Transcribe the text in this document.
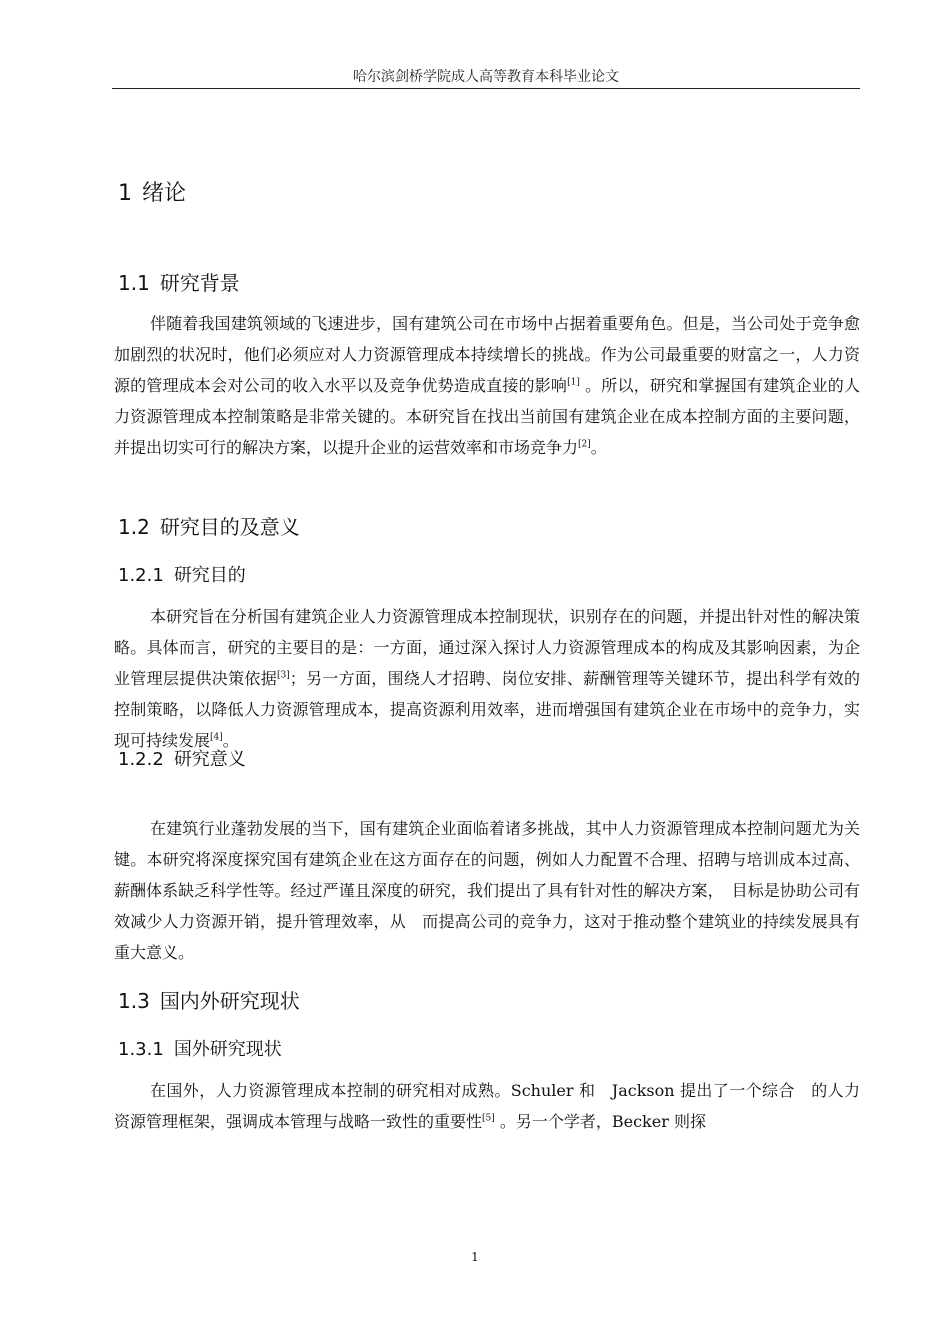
哈尔滨剑桥学院成人高等教育本科毕业论文
1 绪论
1.1 研究背景

伴随着我国建筑领域的飞速进步，国有建筑公司在市场中占据着重要角色。但是，当公司处于竞争愈加剧烈的状况时，他们必须应对人力资源管理成本持续增长的挑战。作为公司最重要的财富之一，人力资源的管理成本会对公司的收入水平以及竞争优势造成直接的影响[1] 。所以，研究和掌握国有建筑企业的人力资源管理成本控制策略是非常关键的。本研究旨在找出当前国有建筑企业在成本控制方面的主要问题，并提出切实可行的解决方案，以提升企业的运营效率和市场竞争力[2]。

1.2 研究目的及意义
1.2.1 研究目的

本研究旨在分析国有建筑企业人力资源管理成本控制现状，识别存在的问题，并提出针对性的解决策略。具体而言，研究的主要目的是：一方面，通过深入探讨人力资源管理成本的构成及其影响因素，为企业管理层提供决策依据[3]；另一方面，围绕人才招聘、岗位安排、薪酬管理等关键环节，提出科学有效的控制策略，以降低人力资源管理成本，提高资源利用效率，进而增强国有建筑企业在市场中的竞争力，实现可持续发展[4]。

1.2.2 研究意义

在建筑行业蓬勃发展的当下，国有建筑企业面临着诸多挑战，其中人力资源管理成本控制问题尤为关键。本研究将深度探究国有建筑企业在这方面存在的问题，例如人力配置不合理、招聘与培训成本过高、薪酬体系缺乏科学性等。经过严谨且深度的研究，我们提出了具有针对性的解决方案，　目标是协助公司有效减少人力资源开销，提升管理效率，从　而提高公司的竞争力，这对于推动整个建筑业的持续发展具有重大意义。

1.3 国内外研究现状
1.3.1 国外研究现状

在国外，人力资源管理成本控制的研究相对成熟。Schuler 和　Jackson 提出了一个综合　的人力资源管理框架，强调成本管理与战略一致性的重要性[5] 。另一个学者，Becker 则探

1
